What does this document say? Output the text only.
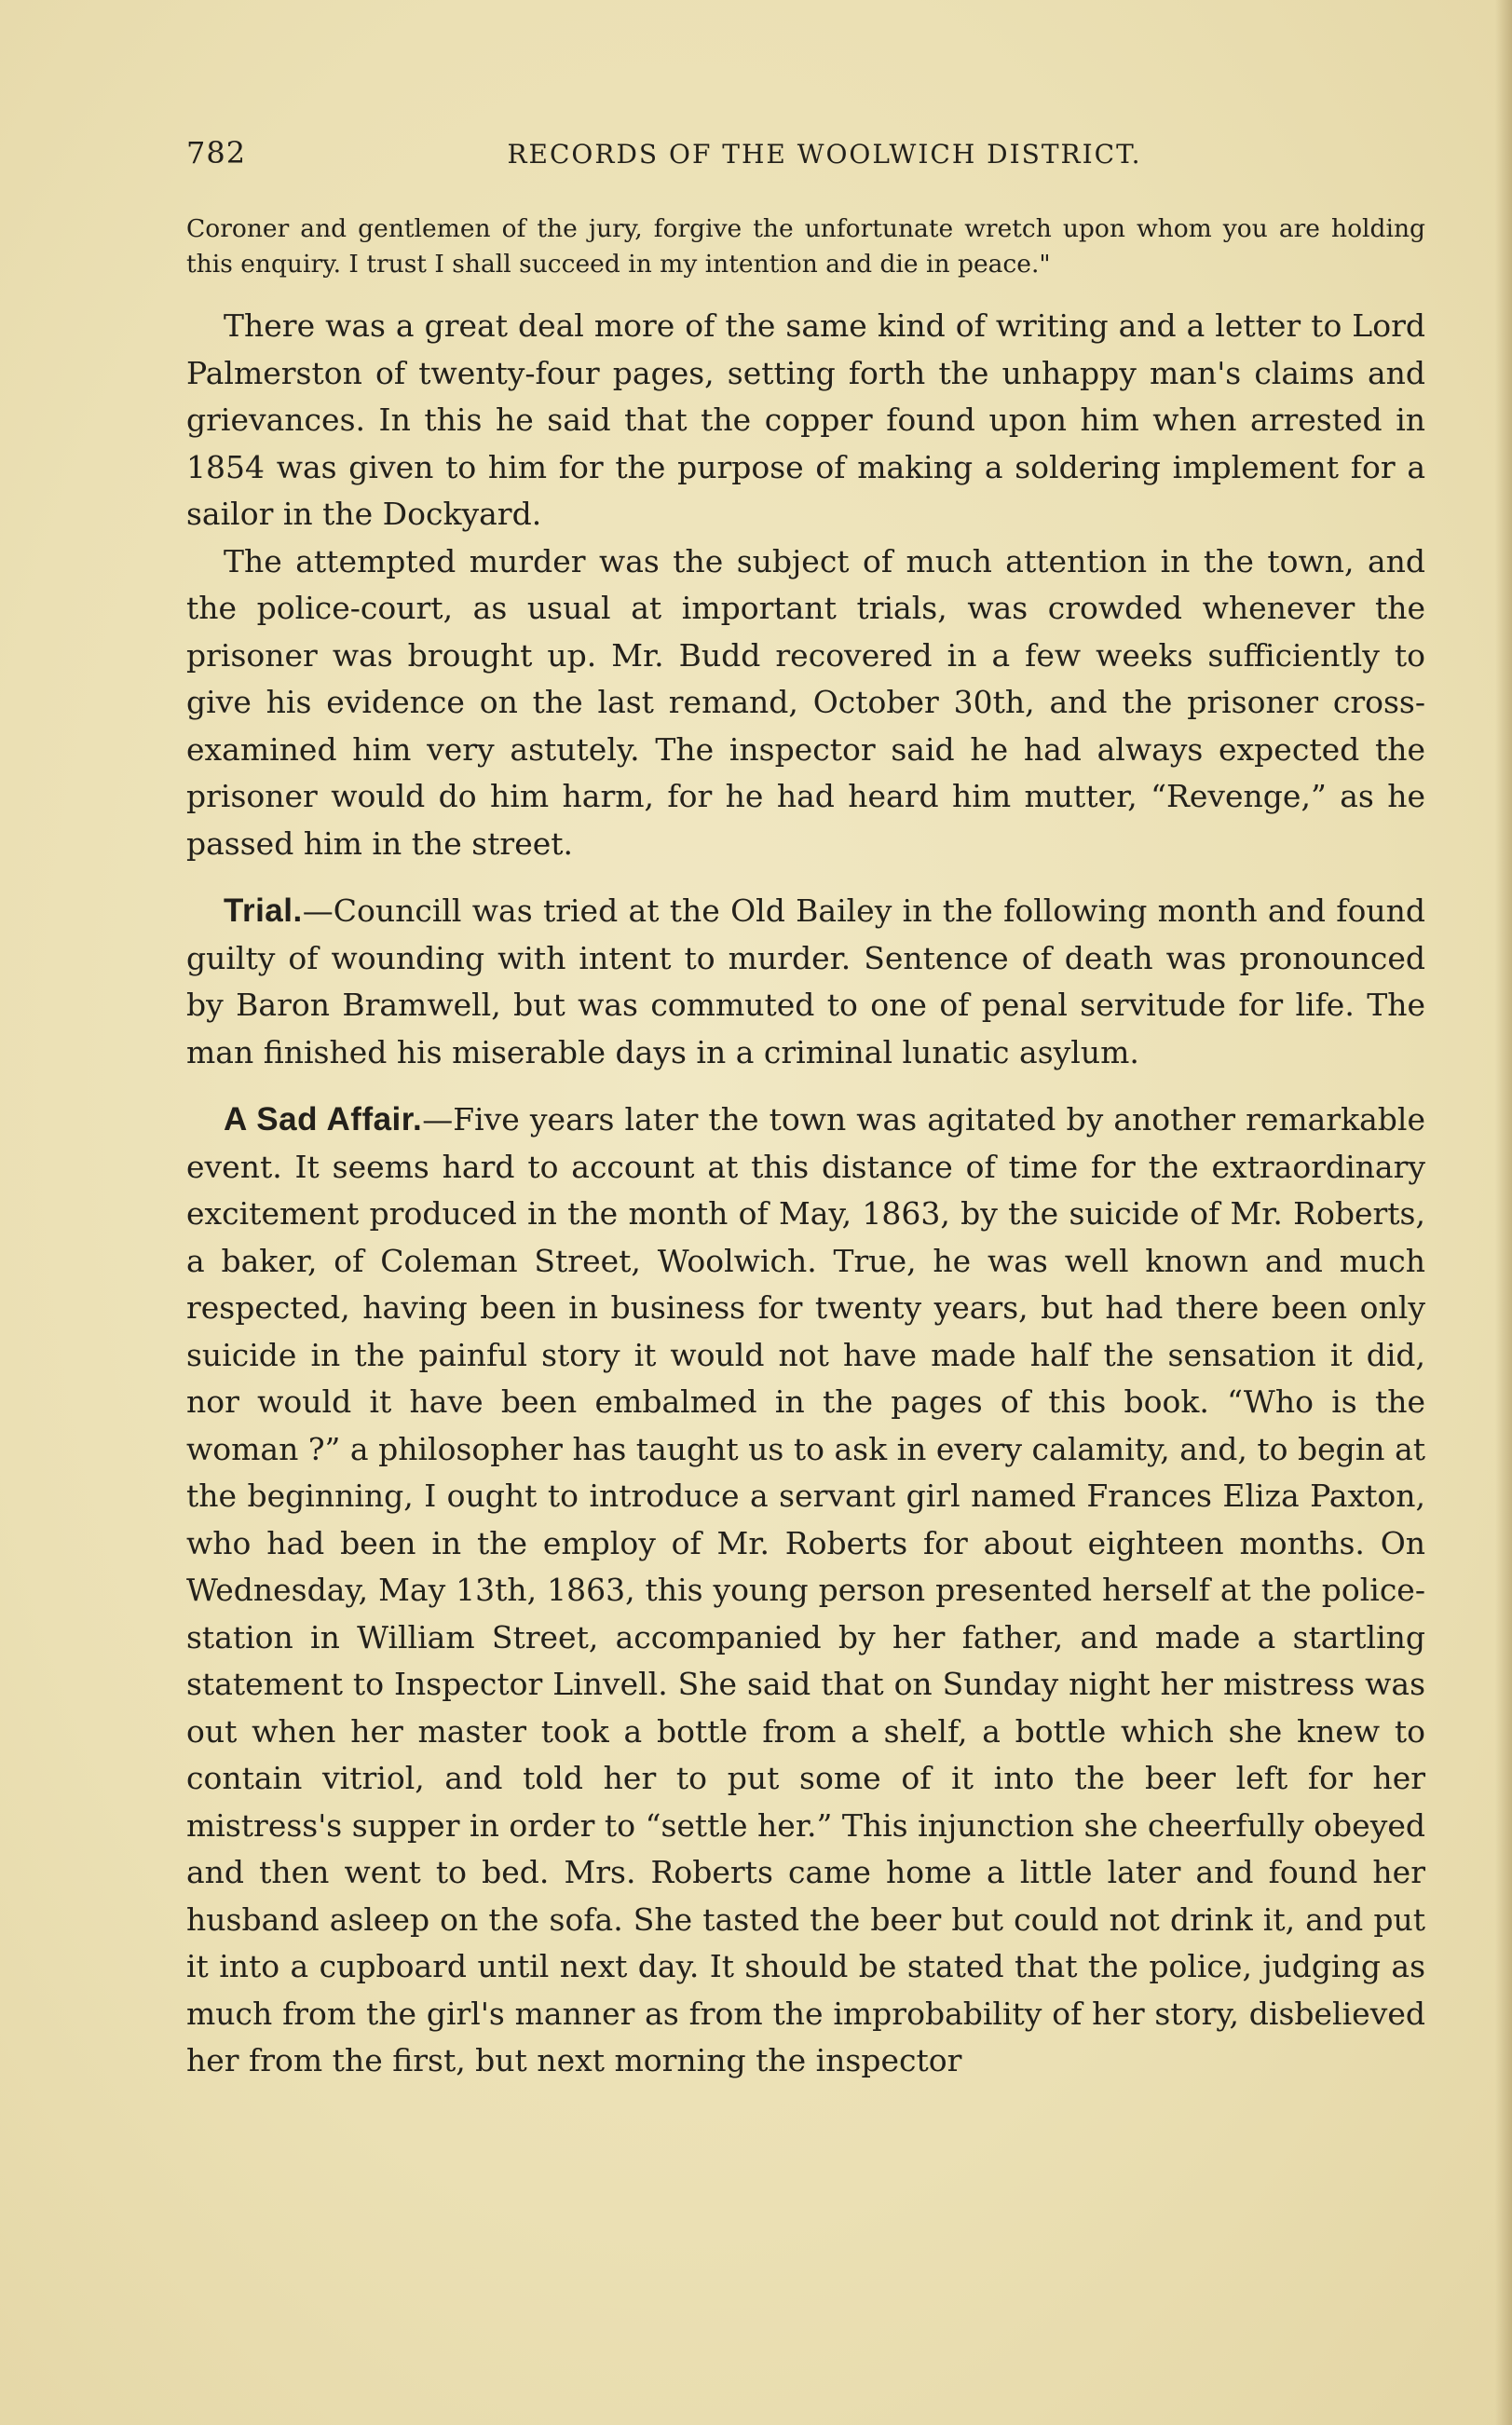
782	RECORDS OF THE WOOLWICH DISTRICT.
Coroner and gentlemen of the jury, forgive the unfortunate wretch upon whom you are holding this enquiry. I trust I shall succeed in my intention and die in peace."

There was a great deal more of the same kind of writing and a letter to Lord Palmerston of twenty-four pages, setting forth the unhappy man's claims and grievances. In this he said that the copper found upon him when arrested in 1854 was given to him for the purpose of making a soldering implement for a sailor in the Dockyard.

The attempted murder was the subject of much attention in the town, and the police-court, as usual at important trials, was crowded whenever the prisoner was brought up. Mr. Budd recovered in a few weeks sufficiently to give his evidence on the last remand, October 30th, and the prisoner cross-examined him very astutely. The inspector said he had always expected the prisoner would do him harm, for he had heard him mutter, “Revenge,” as he passed him in the street.

Trial.—Councill was tried at the Old Bailey in the following month and found guilty of wounding with intent to murder. Sentence of death was pronounced by Baron Bramwell, but was commuted to one of penal servitude for life. The man finished his miserable days in a criminal lunatic asylum.

A Sad Affair.—Five years later the town was agitated by another remarkable event. It seems hard to account at this distance of time for the extraordinary excitement produced in the month of May, 1863, by the suicide of Mr. Roberts, a baker, of Coleman Street, Woolwich. True, he was well known and much respected, having been in business for twenty years, but had there been only suicide in the painful story it would not have made half the sensation it did, nor would it have been embalmed in the pages of this book. “Who is the woman ?” a philosopher has taught us to ask in every calamity, and, to begin at the beginning, I ought to introduce a servant girl named Frances Eliza Paxton, who had been in the employ of Mr. Roberts for about eighteen months. On Wednesday, May 13th, 1863, this young person presented herself at the police-station in William Street, accompanied by her father, and made a startling statement to Inspector Linvell. She said that on Sunday night her mistress was out when her master took a bottle from a shelf, a bottle which she knew to contain vitriol, and told her to put some of it into the beer left for her mistress's supper in order to “settle her.” This injunction she cheerfully obeyed and then went to bed. Mrs. Roberts came home a little later and found her husband asleep on the sofa. She tasted the beer but could not drink it, and put it into a cupboard until next day. It should be stated that the police, judging as much from the girl's manner as from the improbability of her story, disbelieved her from the first, but next morning the inspector
